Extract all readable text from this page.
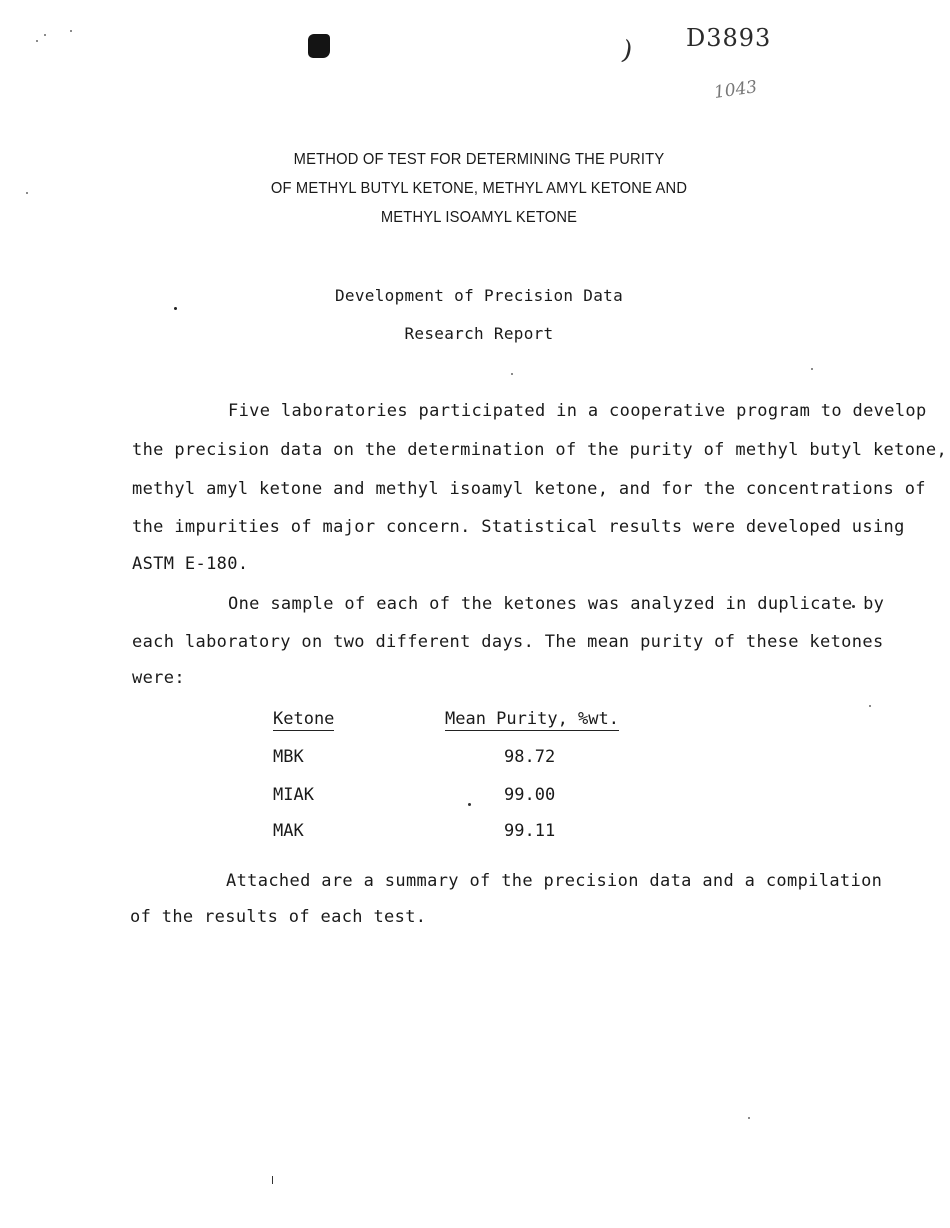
D3893
1043
)
METHOD OF TEST FOR DETERMINING THE PURITY
OF METHYL BUTYL KETONE, METHYL AMYL KETONE AND
METHYL ISOAMYL KETONE
Development of Precision Data
Research Report
Five laboratories participated in a cooperative program to develop
the precision data on the determination of the purity of methyl butyl ketone,
methyl amyl ketone and methyl isoamyl ketone, and for the concentrations of
the impurities of major concern. Statistical results were developed using
ASTM E-180.
One sample of each of the ketones was analyzed in duplicate by
each laboratory on two different days. The mean purity of these ketones
were:
Ketone	Mean Purity, %wt.
MBK	98.72
MIAK	99.00
MAK	99.11
Attached are a summary of the precision data and a compilation
of the results of each test.
